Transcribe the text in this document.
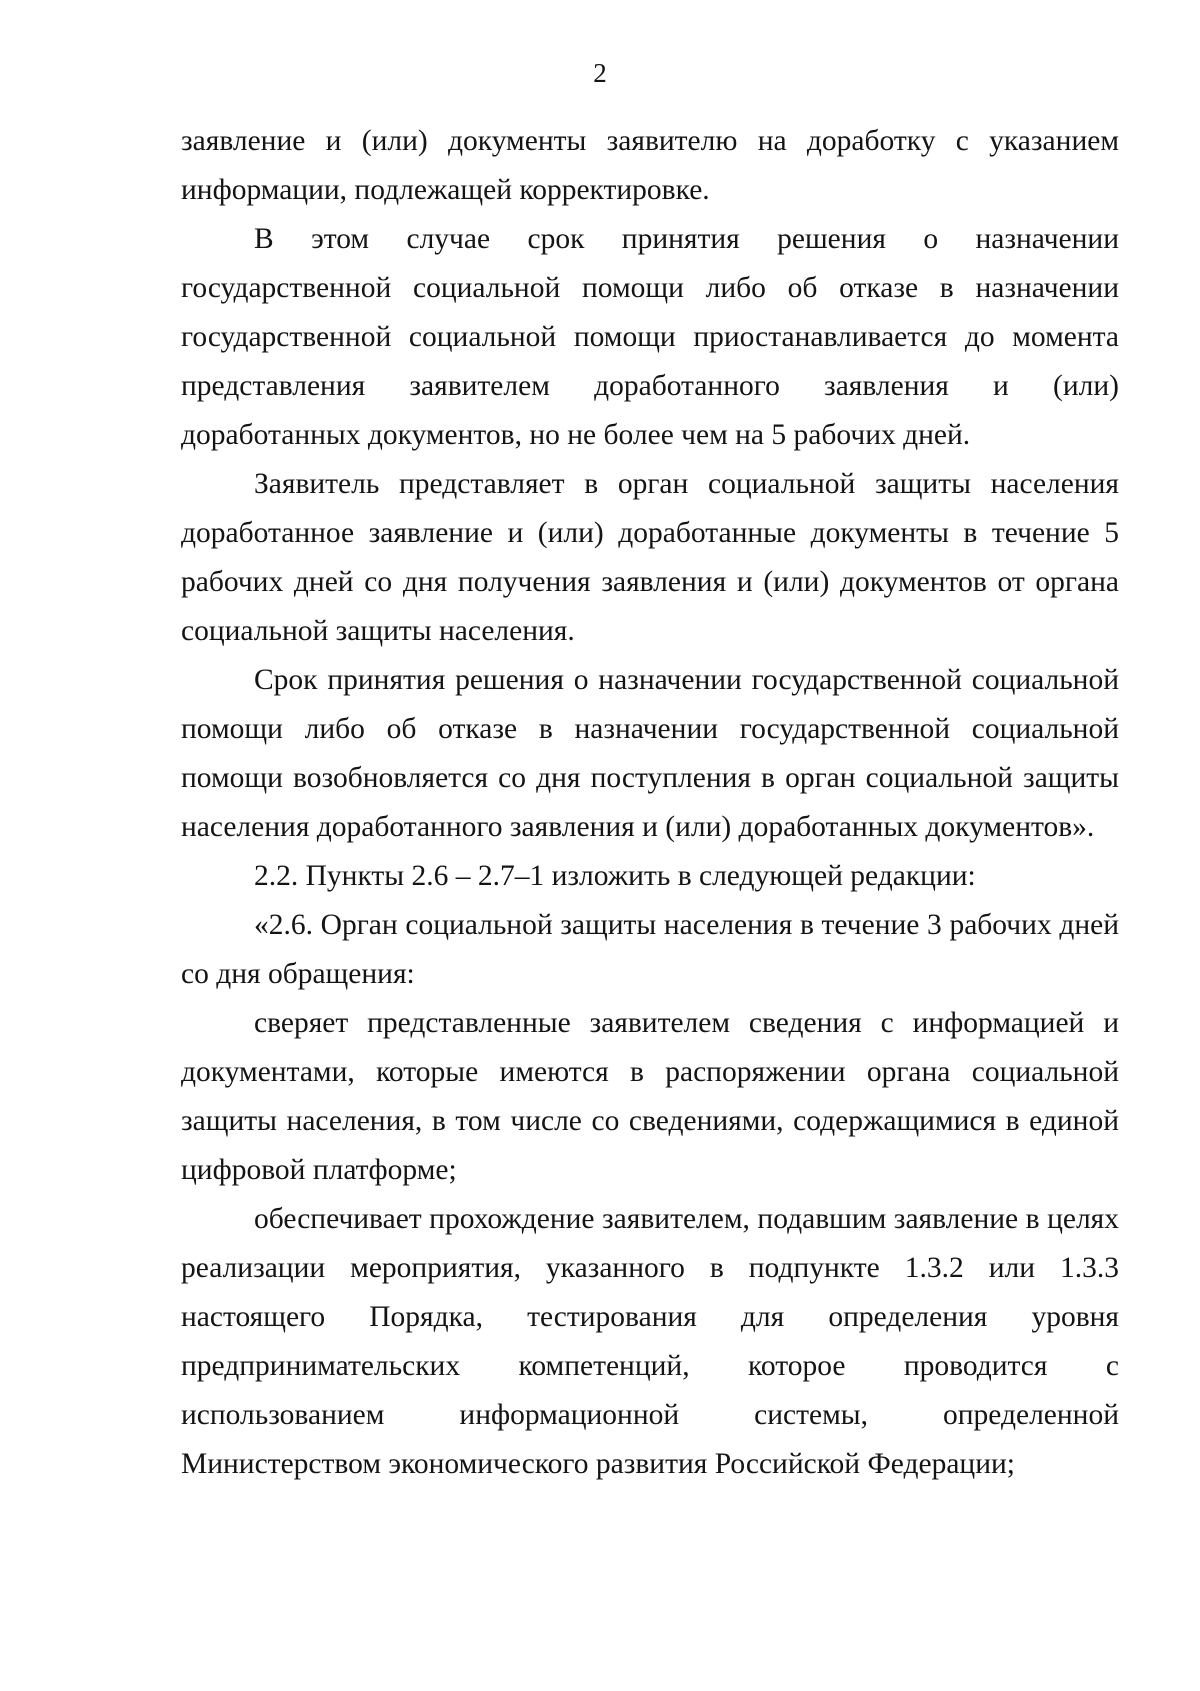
2

заявление и (или) документы заявителю на доработку с указанием информации, подлежащей корректировке.

В этом случае срок принятия решения о назначении государственной социальной помощи либо об отказе в назначении государственной социальной помощи приостанавливается до момента представления заявителем доработанного заявления и (или) доработанных документов, но не более чем на 5 рабочих дней.

Заявитель представляет в орган социальной защиты населения доработанное заявление и (или) доработанные документы в течение 5 рабочих дней со дня получения заявления и (или) документов от органа социальной защиты населения.

Срок принятия решения о назначении государственной социальной помощи либо об отказе в назначении государственной социальной помощи возобновляется со дня поступления в орган социальной защиты населения доработанного заявления и (или) доработанных документов».

2.2. Пункты 2.6 – 2.7–1 изложить в следующей редакции:

«2.6. Орган социальной защиты населения в течение 3 рабочих дней со дня обращения:

сверяет представленные заявителем сведения с информацией и документами, которые имеются в распоряжении органа социальной защиты населения, в том числе со сведениями, содержащимися в единой цифровой платформе;

обеспечивает прохождение заявителем, подавшим заявление в целях реализации мероприятия, указанного в подпункте 1.3.2 или 1.3.3 настоящего Порядка, тестирования для определения уровня предпринимательских компетенций, которое проводится с использованием информационной системы, определенной Министерством экономического развития Российской Федерации;
